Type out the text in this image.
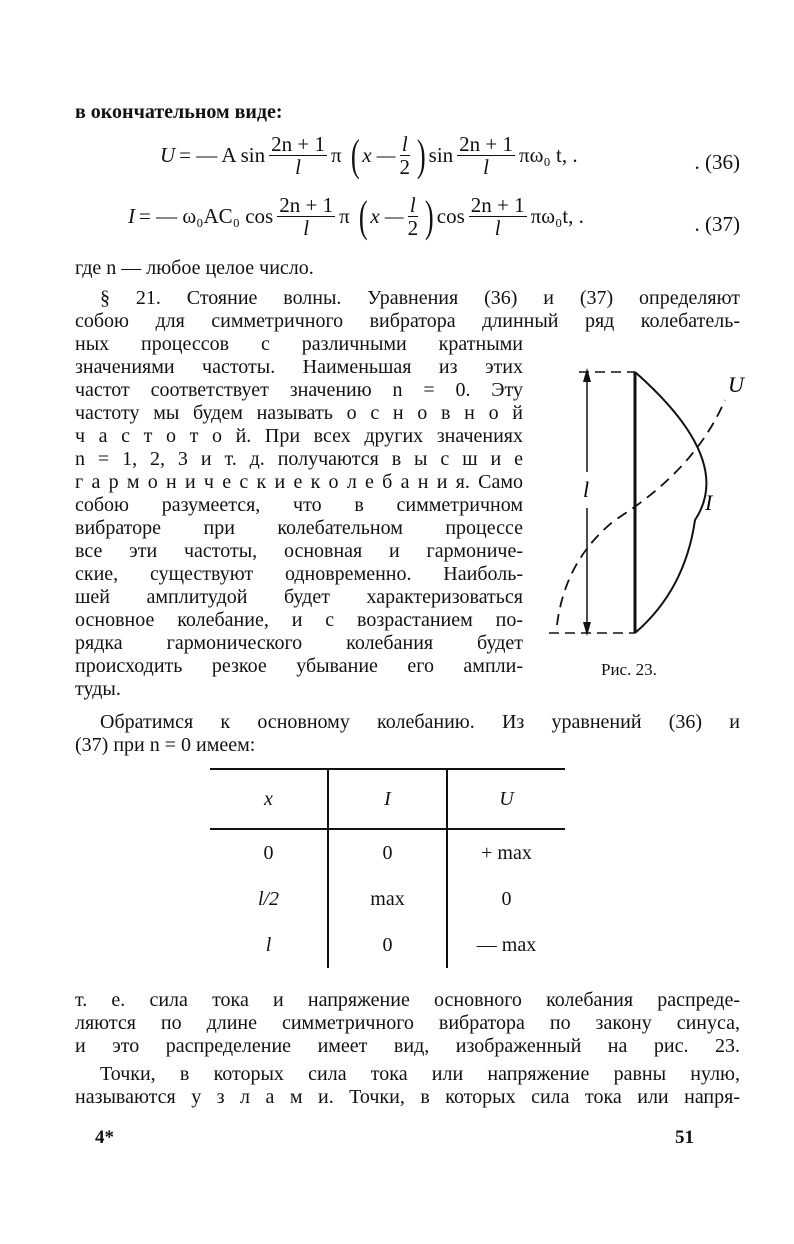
в окончательном виде:
U = — A $\sin \frac{2n + 1}{l}$ π ( x — $\frac{l}{2}$ ) $\sin \frac{2n + 1}{l} \pi\omega_0$ t, .	. (36)
I = — ω₀AC₀ $\cos \frac{2n + 1}{l}$ π ( x — $\frac{l}{2}$ ) $\cos \frac{2n + 1}{l} \pi\omega_0t$, .	. (37)
где n — любое целое число.
§ 21. Стояние волны. Уравнения (36) и (37) определяют
собою для симметричного вибратора длинный ряд колебатель-
ных процессов с различными кратными
значениями частоты. Наименьшая из этих
частот соответствует значению n = 0. Эту
частоту мы будем называть о с н о в н о й
ч а с т о т о й. При всех других значениях
n = 1, 2, 3 и т. д. получаются в ы с ш и е
г а р м о н и ч е с к и е к о л е б а н и я. Само
собою разумеется, что в симметричном
вибраторе при колебательном процессе
все эти частоты, основная и гармониче-
ские, существуют одновременно. Наиболь-
шей амплитудой будет характеризоваться
основное колебание, и с возрастанием по-
рядка гармонического колебания будет
происходить резкое убывание его ампли-
туды.
Обратимся к основному колебанию. Из уравнений (36) и
(37) при n = 0 имеем:
l
U
I
Рис. 23.
x	I	U
0	0	+ max
l/2	max	0
l	0	— max
т. е. сила тока и напряжение основного колебания распреде-
ляются по длине симметричного вибратора по закону синуса,
и это распределение имеет вид, изображенный на рис. 23.
Точки, в которых сила тока или напряжение равны нулю,
называются у з л а м и. Точки, в которых сила тока или напря-
4*	51
